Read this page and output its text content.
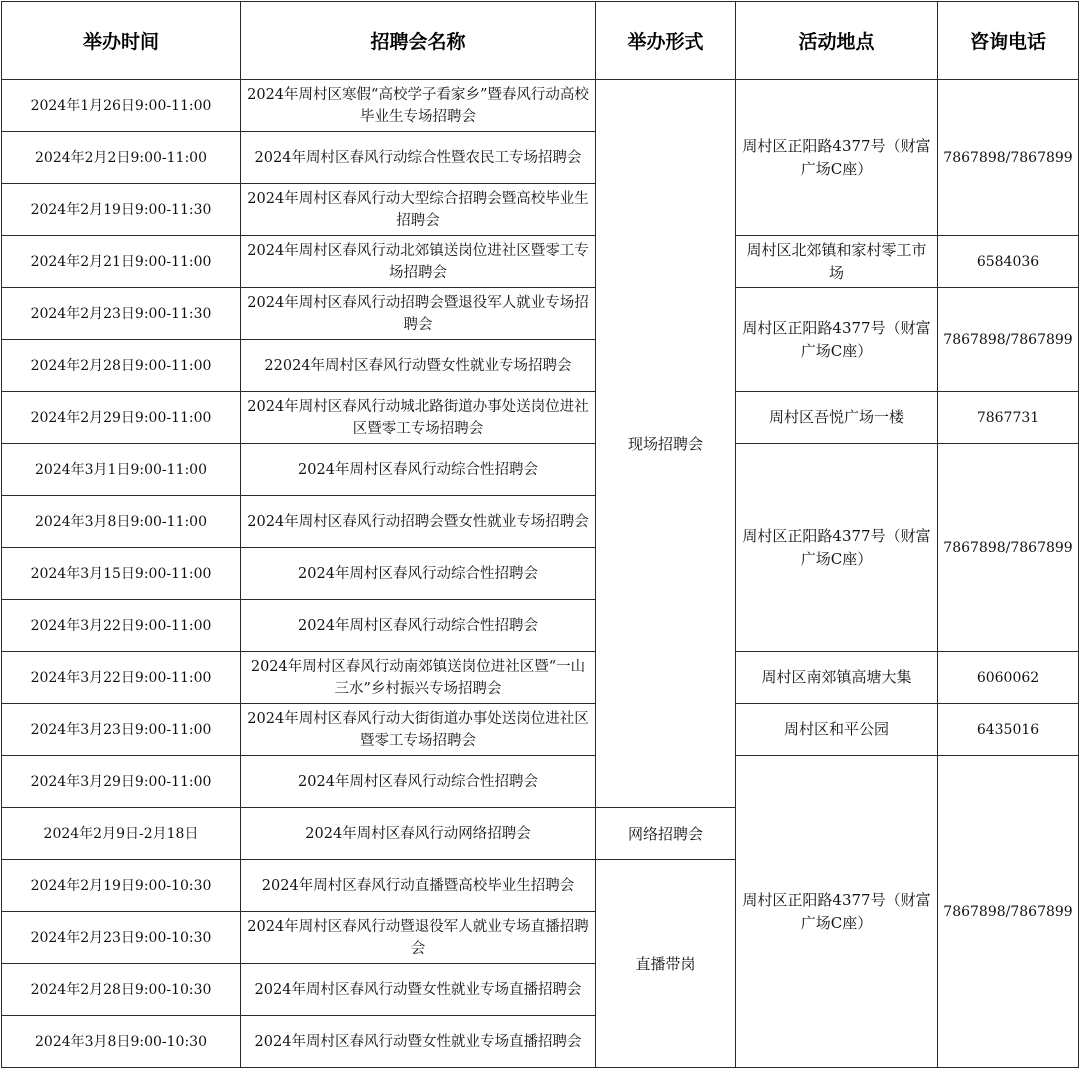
举办时间	招聘会名称	举办形式	活动地点	咨询电话
2024年1月26日9:00-11:00	2024年周村区寒假“高校学子看家乡”暨春风行动高校毕业生专场招聘会	现场招聘会	周村区正阳路4377号（财富广场C座）	7867898/7867899
2024年2月2日9:00-11:00	2024年周村区春风行动综合性暨农民工专场招聘会			
2024年2月19日9:00-11:30	2024年周村区春风行动大型综合招聘会暨高校毕业生招聘会			
2024年2月21日9:00-11:00	2024年周村区春风行动北郊镇送岗位进社区暨零工专场招聘会		周村区北郊镇和家村零工市场	6584036
2024年2月23日9:00-11:30	2024年周村区春风行动招聘会暨退役军人就业专场招聘会		周村区正阳路4377号（财富广场C座）	7867898/7867899
2024年2月28日9:00-11:00	22024年周村区春风行动暨女性就业专场招聘会			
2024年2月29日9:00-11:00	2024年周村区春风行动城北路街道办事处送岗位进社区暨零工专场招聘会		周村区吾悦广场一楼	7867731
2024年3月1日9:00-11:00	2024年周村区春风行动综合性招聘会		周村区正阳路4377号（财富广场C座）	7867898/7867899
2024年3月8日9:00-11:00	2024年周村区春风行动招聘会暨女性就业专场招聘会			
2024年3月15日9:00-11:00	2024年周村区春风行动综合性招聘会			
2024年3月22日9:00-11:00	2024年周村区春风行动综合性招聘会			
2024年3月22日9:00-11:00	2024年周村区春风行动南郊镇送岗位进社区暨“一山三水”乡村振兴专场招聘会		周村区南郊镇高塘大集	6060062
2024年3月23日9:00-11:00	2024年周村区春风行动大街街道办事处送岗位进社区暨零工专场招聘会		周村区和平公园	6435016
2024年3月29日9:00-11:00	2024年周村区春风行动综合性招聘会		周村区正阳路4377号（财富广场C座）	7867898/7867899
2024年2月9日-2月18日	2024年周村区春风行动网络招聘会	网络招聘会		
2024年2月19日9:00-10:30	2024年周村区春风行动直播暨高校毕业生招聘会	直播带岗		
2024年2月23日9:00-10:30	2024年周村区春风行动暨退役军人就业专场直播招聘会			
2024年2月28日9:00-10:30	2024年周村区春风行动暨女性就业专场直播招聘会			
2024年3月8日9:00-10:30	2024年周村区春风行动暨女性就业专场直播招聘会			
